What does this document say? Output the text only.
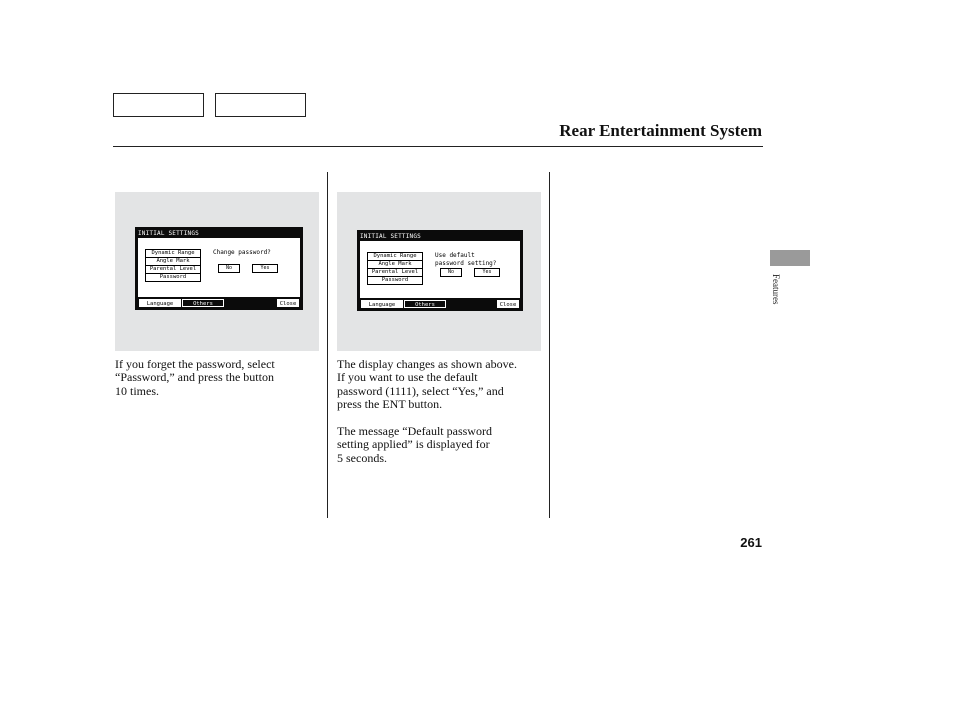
Rear Entertainment System
INITIAL SETTINGS
Dynamic Range
Angle Mark
Parental Level
Password
Change password?
No	Yes
Language	Others	Close
INITIAL SETTINGS
Dynamic Range
Angle Mark
Parental Level
Password
Use default
password setting?
No	Yes
Language	Others	Close

If you forget the password, select
“Password,” and press the button
10 times.

The display changes as shown above.
If you want to use the default
password (1111), select “Yes,” and
press the ENT button.

The message “Default password
setting applied” is displayed for
5 seconds.

Features
261
